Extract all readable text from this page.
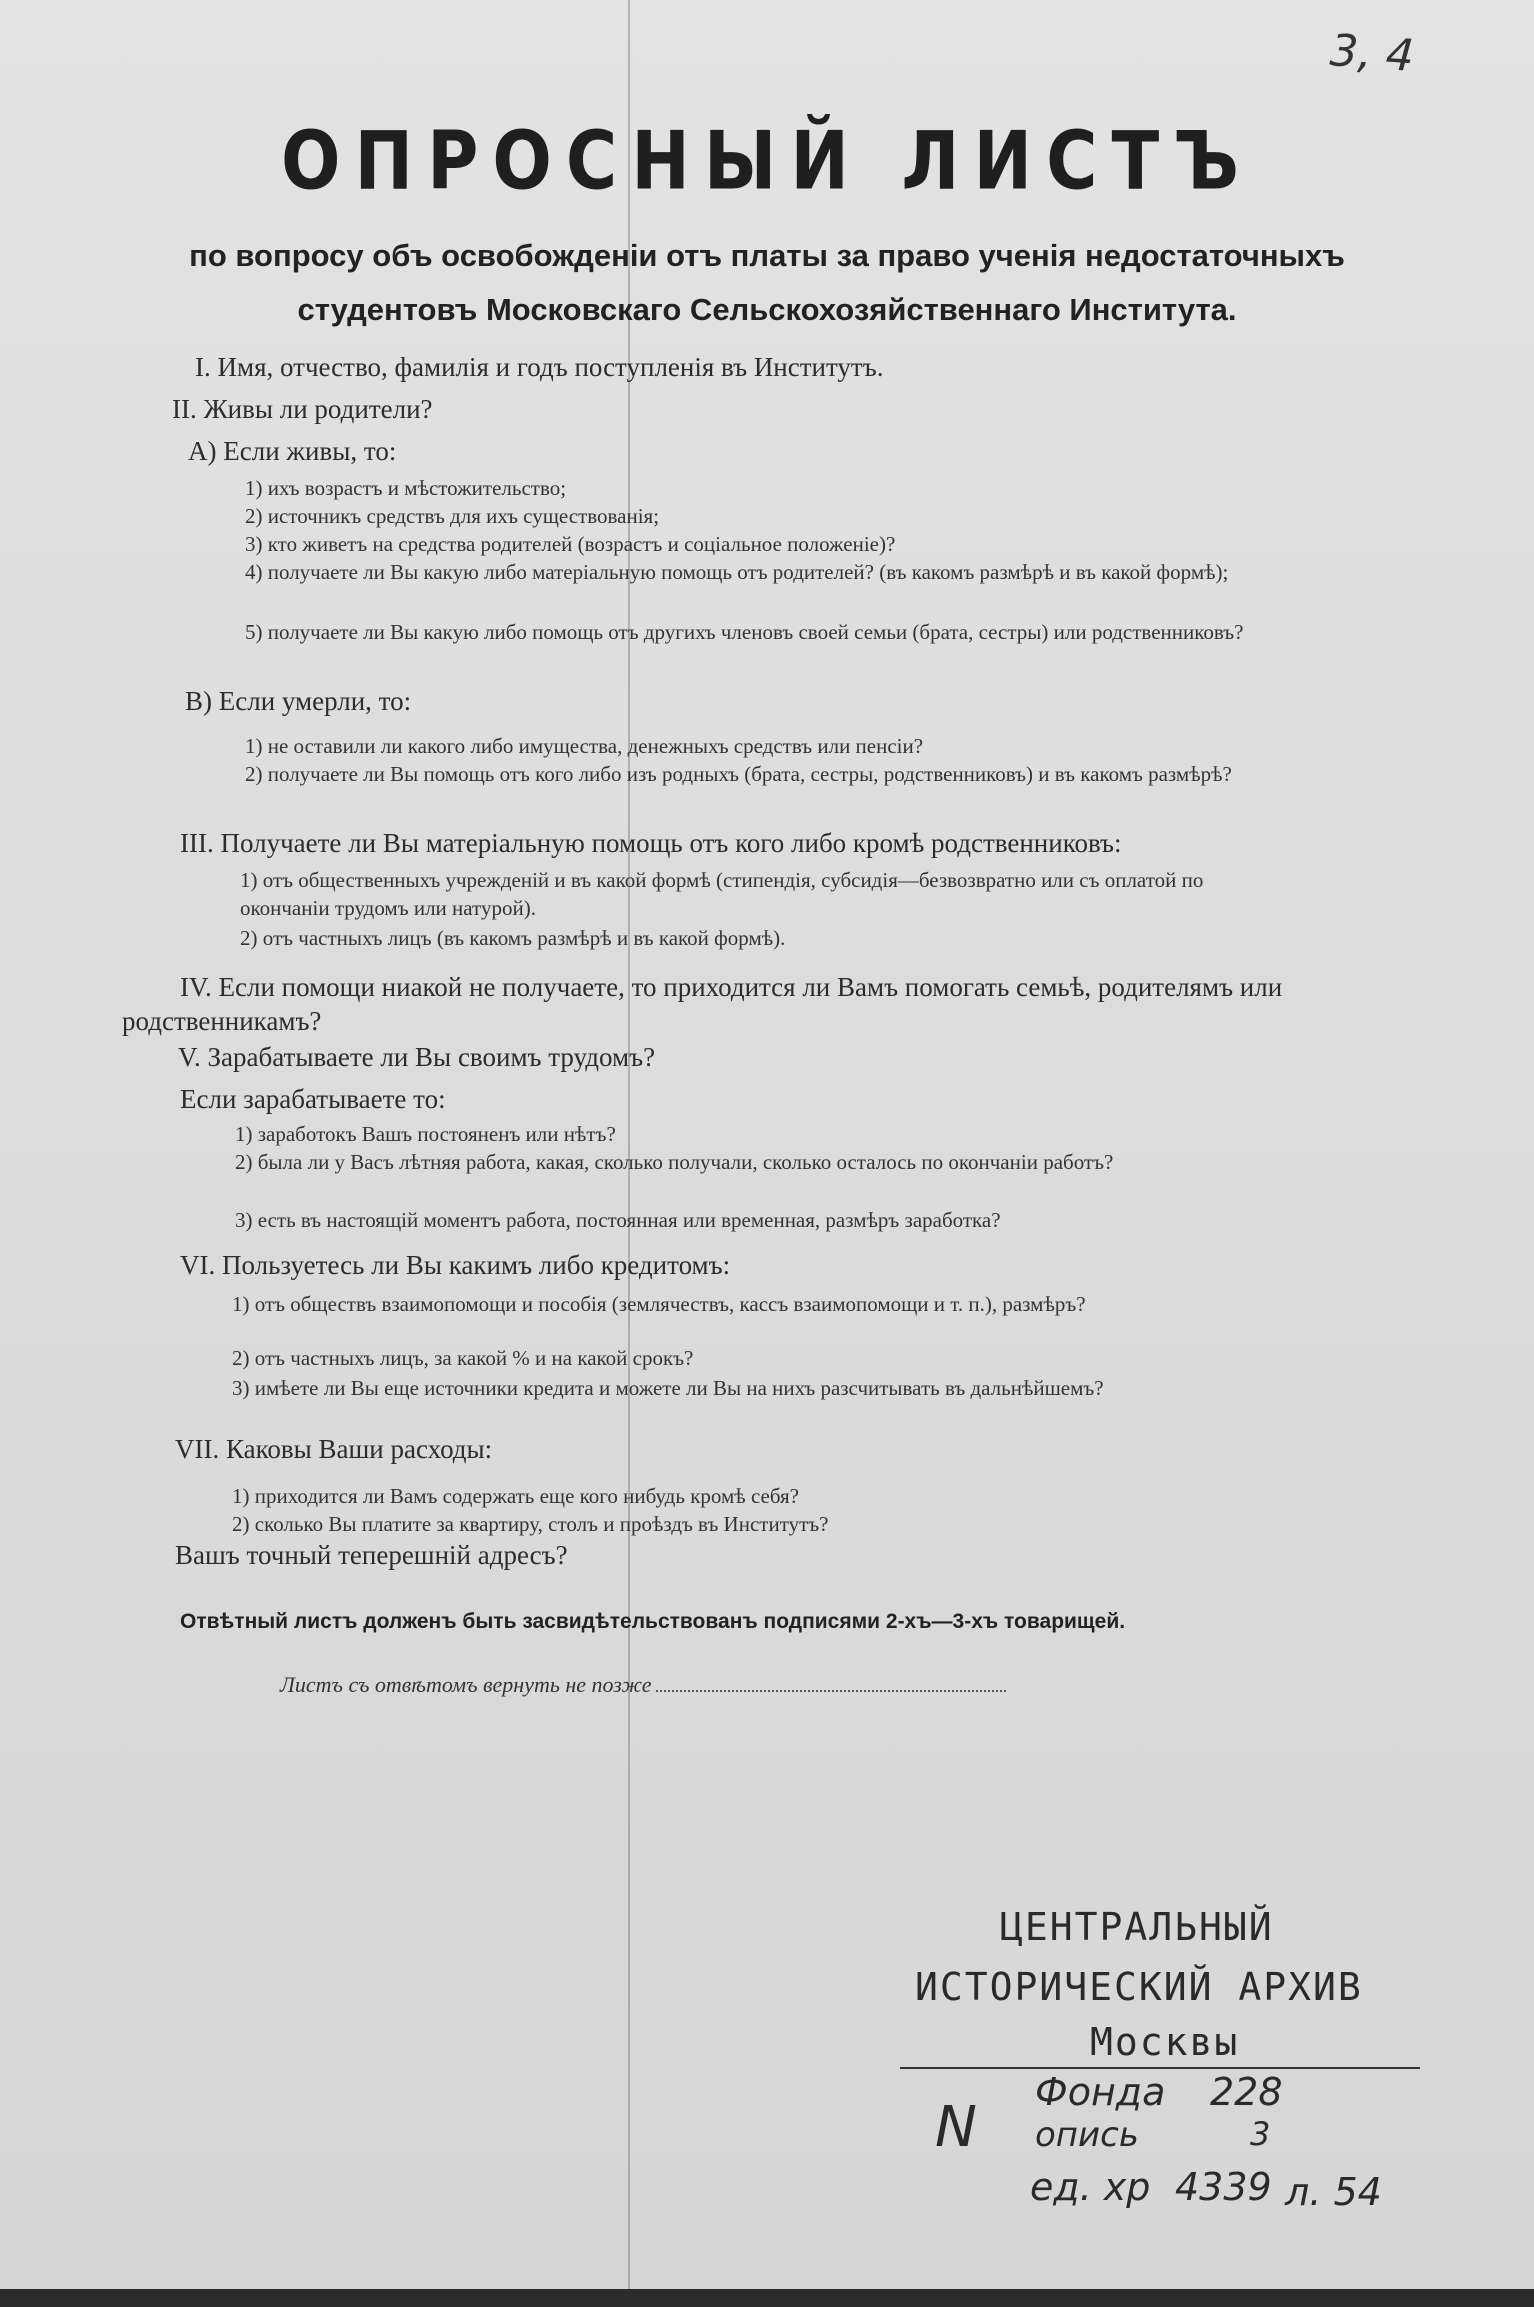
3, 4
ОПРОСНЫЙ ЛИСТЪ
по вопросу объ освобожденіи отъ платы за право ученія недостаточныхъ
студентовъ Московскаго Сельскохозяйственнаго Института.
I. Имя, отчество, фамилія и годъ поступленія въ Институтъ.
II. Живы ли родители?
А) Если живы, то:
1) ихъ возрастъ и мѣстожительство;
2) источникъ средствъ для ихъ существованія;
3) кто живетъ на средства родителей (возрастъ и соціальное положеніе)?
4) получаете ли Вы какую либо матеріальную помощь отъ родителей? (въ какомъ размѣрѣ и въ какой формѣ);
5) получаете ли Вы какую либо помощь отъ другихъ членовъ своей семьи (брата, сестры) или родственниковъ?
В) Если умерли, то:
1) не оставили ли какого либо имущества, денежныхъ средствъ или пенсіи?
2) получаете ли Вы помощь отъ кого либо изъ родныхъ (брата, сестры, родственниковъ) и въ какомъ размѣрѣ?
III. Получаете ли Вы матеріальную помощь отъ кого либо кромѣ родственниковъ:
1) отъ общественныхъ учрежденій и въ какой формѣ (стипендія, субсидія—безвозвратно или съ оплатой по окончаніи трудомъ или натурой).
2) отъ частныхъ лицъ (въ какомъ размѣрѣ и въ какой формѣ).
IV. Если помощи ниакой не получаете, то приходится ли Вамъ помогать семьѣ, родителямъ или родственникамъ?
V. Зарабатываете ли Вы своимъ трудомъ?
Если зарабатываете то:
1) заработокъ Вашъ постояненъ или нѣтъ?
2) была ли у Васъ лѣтняя работа, какая, сколько получали, сколько осталось по окончаніи работъ?
3) есть въ настоящій моментъ работа, постоянная или временная, размѣръ заработка?
VI. Пользуетесь ли Вы какимъ либо кредитомъ:
1) отъ обществъ взаимопомощи и пособія (землячествъ, кассъ взаимопомощи и т. п.), размѣръ?
2) отъ частныхъ лицъ, за какой % и на какой срокъ?
3) имѣете ли Вы еще источники кредита и можете ли Вы на нихъ разсчитывать въ дальнѣйшемъ?
VII. Каковы Ваши расходы:
1) приходится ли Вамъ содержать еще кого нибудь кромѣ себя?
2) сколько Вы платите за квартиру, столъ и проѣздъ въ Институтъ?
Вашъ точный теперешній адресъ?
Отвѣтный листъ долженъ быть засвидѣтельствованъ подписями 2-хъ—3-хъ товарищей.
Листъ съ отвѣтомъ вернуть не позже
ЦЕНТРАЛЬНЫЙ
ИСТОРИЧЕСКИЙ АРХИВ
Москвы
N
Фонда 228
опись	3
ед. хр 4339 л. 54
